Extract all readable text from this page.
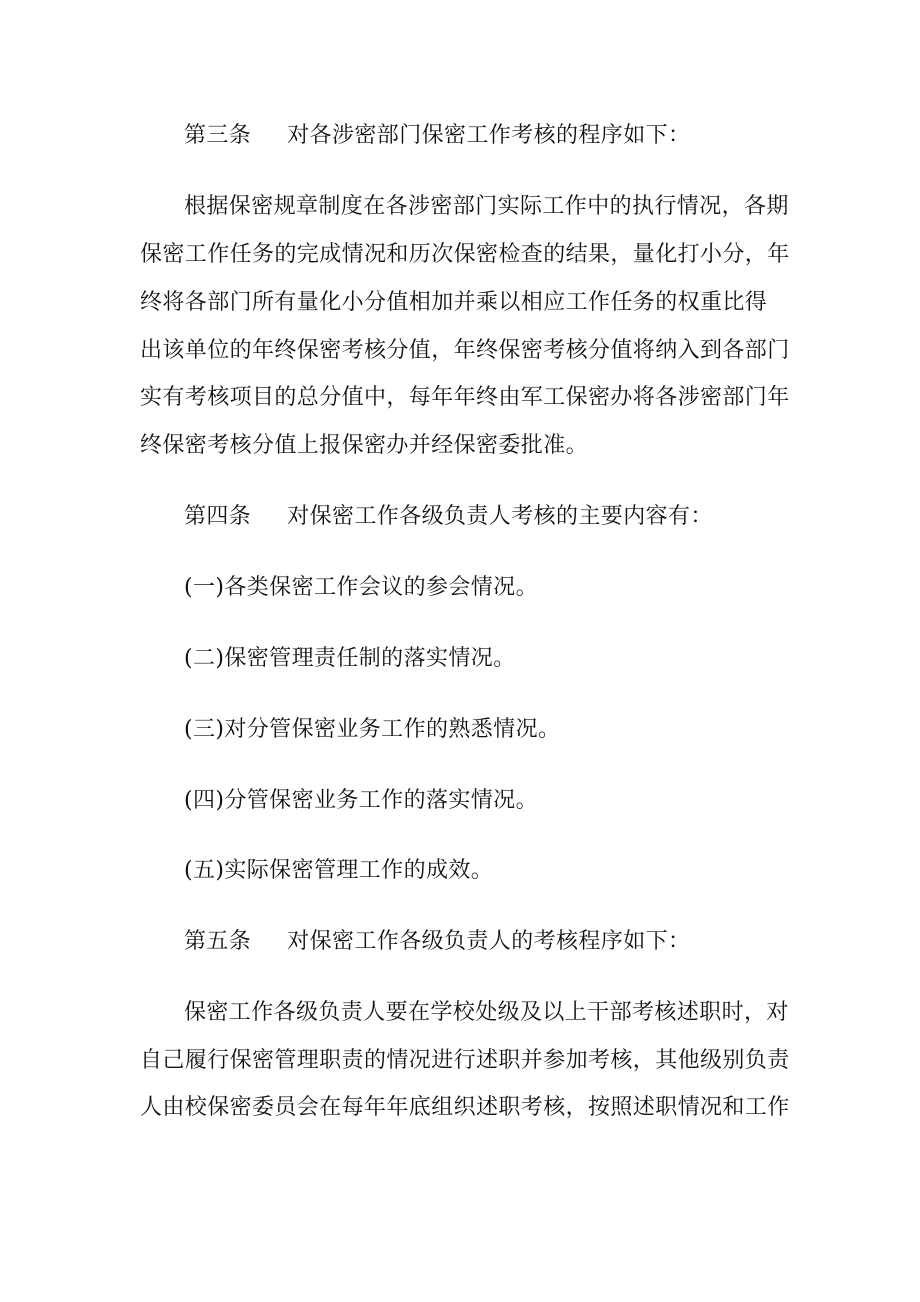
第三条 对各涉密部门保密工作考核的程序如下：
根据保密规章制度在各涉密部门实际工作中的执行情况，各期
保密工作任务的完成情况和历次保密检查的结果，量化打小分，年
终将各部门所有量化小分值相加并乘以相应工作任务的权重比得
出该单位的年终保密考核分值，年终保密考核分值将纳入到各部门
实有考核项目的总分值中，每年年终由军工保密办将各涉密部门年
终保密考核分值上报保密办并经保密委批准。
第四条 对保密工作各级负责人考核的主要内容有：
(一)各类保密工作会议的参会情况。
(二)保密管理责任制的落实情况。
(三)对分管保密业务工作的熟悉情况。
(四)分管保密业务工作的落实情况。
(五)实际保密管理工作的成效。
第五条 对保密工作各级负责人的考核程序如下：
保密工作各级负责人要在学校处级及以上干部考核述职时，对
自己履行保密管理职责的情况进行述职并参加考核，其他级别负责
人由校保密委员会在每年年底组织述职考核，按照述职情况和工作
